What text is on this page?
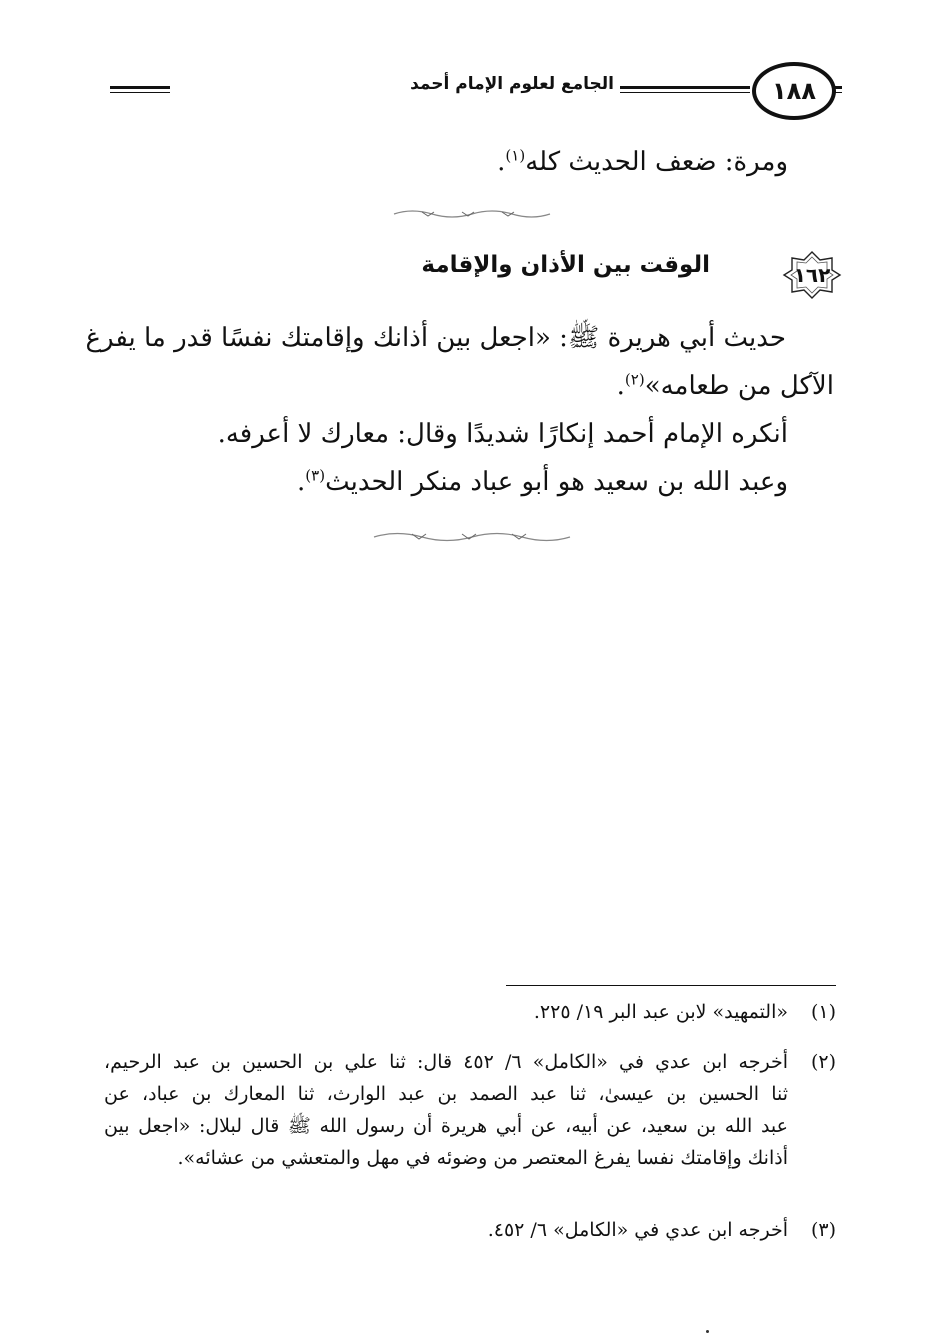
١٨٨
الجامع لعلوم الإمام أحمد
ومرة: ضعف الحديث كله$^{(١)}$.
١٦٢
الوقت بين الأذان والإقامة
حديث أبي هريرة ﷺ: «اجعل بين أذانك وإقامتك نفسًا قدر ما يفرغ
الآكل من طعامه»$^{(٢)}$.
أنكره الإمام أحمد إنكارًا شديدًا وقال: معارك لا أعرفه.
وعبد الله بن سعيد هو أبو عباد منكر الحديث$^{(٣)}$.
(١)
«التمهيد» لابن عبد البر ١٩/ ٢٢٥.
(٢)
أخرجه ابن عدي في «الكامل» ٦/ ٤٥٢ قال: ثنا علي بن الحسين بن عبد الرحيم،
ثنا الحسين بن عيسىٰ، ثنا عبد الصمد بن عبد الوارث، ثنا المعارك بن عباد، عن
عبد الله بن سعيد، عن أبيه، عن أبي هريرة أن رسول الله ﷺ قال لبلال: «اجعل بين
أذانك وإقامتك نفسا يفرغ المعتصر من وضوئه في مهل والمتعشي من عشائه».
(٣)
أخرجه ابن عدي في «الكامل» ٦/ ٤٥٢.
